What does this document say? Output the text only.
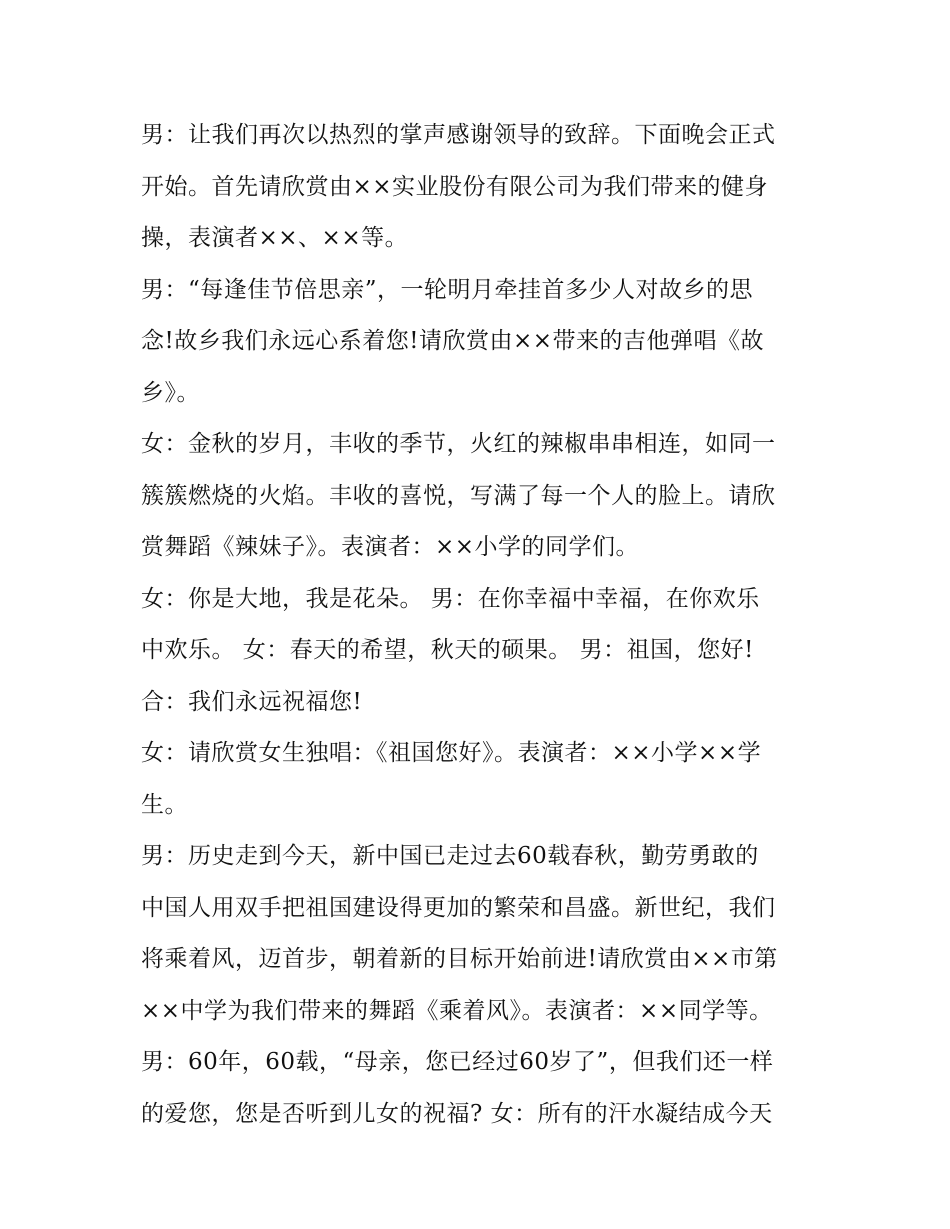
男：让我们再次以热烈的掌声感谢领导的致辞。下面晚会正式
开始。首先请欣赏由××实业股份有限公司为我们带来的健身
操，表演者××、××等。
男：“每逢佳节倍思亲”，一轮明月牵挂首多少人对故乡的思
念!故乡我们永远心系着您!请欣赏由××带来的吉他弹唱《故
乡》。
女：金秋的岁月，丰收的季节，火红的辣椒串串相连，如同一
簇簇燃烧的火焰。丰收的喜悦，写满了每一个人的脸上。请欣
赏舞蹈《辣妹子》。表演者：××小学的同学们。
女：你是大地，我是花朵。 男：在你幸福中幸福，在你欢乐
中欢乐。 女：春天的希望，秋天的硕果。 男：祖国，您好!
合：我们永远祝福您!
女：请欣赏女生独唱：《祖国您好》。表演者：××小学××学
生。
男：历史走到今天，新中国已走过去60载春秋，勤劳勇敢的
中国人用双手把祖国建设得更加的繁荣和昌盛。新世纪，我们
将乘着风，迈首步，朝着新的目标开始前进!请欣赏由××市第
××中学为我们带来的舞蹈《乘着风》。表演者：××同学等。
男：60年，60载，“母亲，您已经过60岁了”，但我们还一样
的爱您，您是否听到儿女的祝福? 女：所有的汗水凝结成今天
